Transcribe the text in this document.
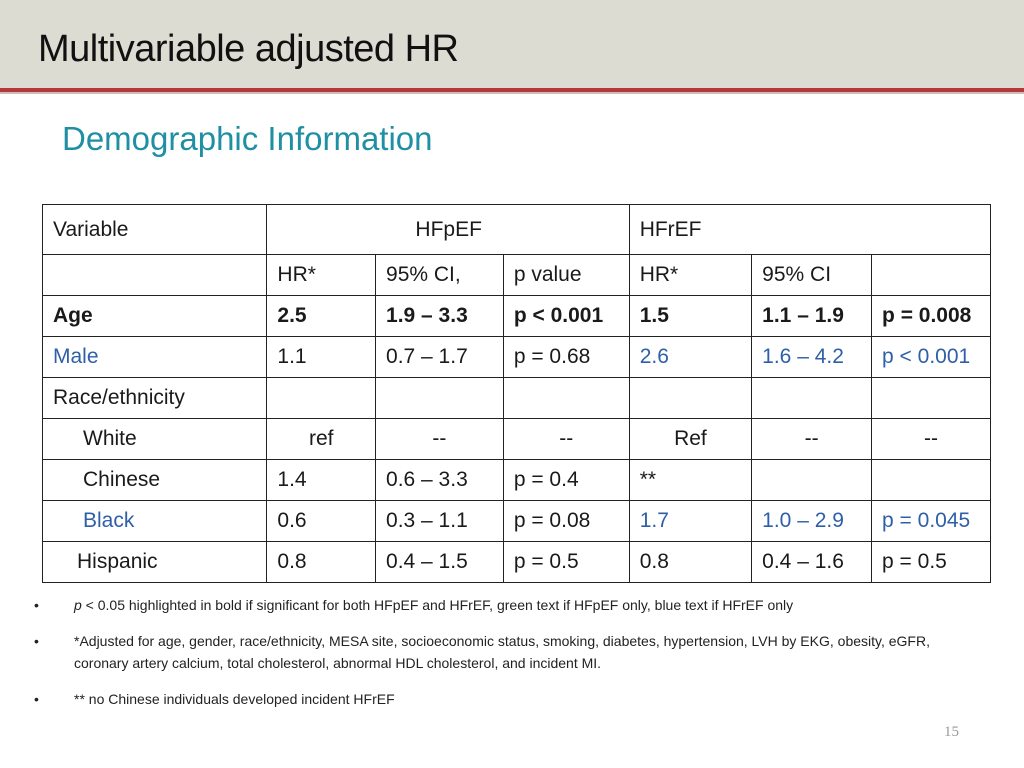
Multivariable adjusted HR
Demographic Information
Variable	HFpEF			HFrEF		
	HR*	95% CI,	p value	HR*	95% CI	
Age	2.5	1.9 – 3.3	p < 0.001	1.5	1.1 – 1.9	p = 0.008
Male	1.1	0.7 – 1.7	p = 0.68	2.6	1.6 – 4.2	p < 0.001
Race/ethnicity						
White	ref	--	--	Ref	--	--
Chinese	1.4	0.6 – 3.3	p = 0.4	**		
Black	0.6	0.3 – 1.1	p = 0.08	1.7	1.0 – 2.9	p = 0.045
Hispanic	0.8	0.4 – 1.5	p = 0.5	0.8	0.4 – 1.6	p = 0.5
•	p < 0.05 highlighted in bold if significant for both HFpEF and HFrEF, green text if HFpEF only, blue text if HFrEF only
•	*Adjusted for age, gender, race/ethnicity, MESA site, socioeconomic status, smoking, diabetes, hypertension, LVH by EKG, obesity, eGFR, coronary artery calcium, total cholesterol, abnormal HDL cholesterol, and incident MI.
•	** no Chinese individuals developed incident HFrEF
15
